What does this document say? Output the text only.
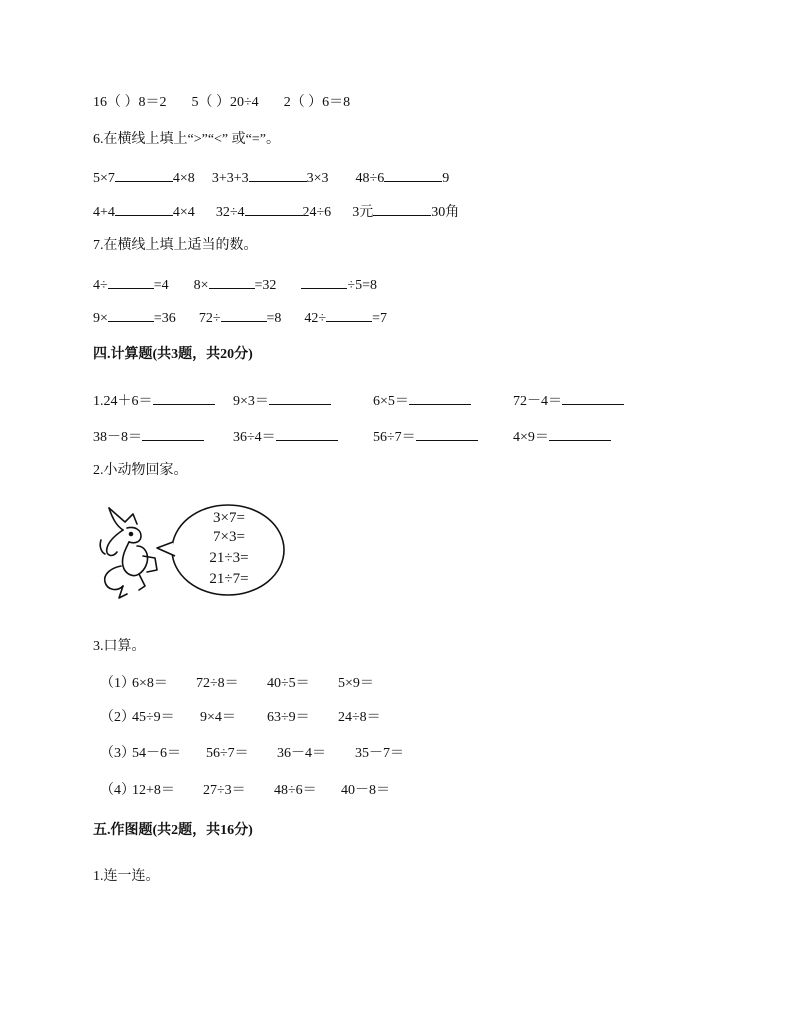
16（ ）8＝2 5（ ）20÷4 2（ ）6＝8
6.在横线上填上“>”“<” 或“=”。
5×7	4×8 3+3+3	3×3 48÷6	9
4+4	4×4 32÷4	24÷6 3元	30角
7.在横线上填上适当的数。
4÷	=4 8×	=32	÷5=8
9×	=36 72÷	=8 42÷	=7
四.计算题(共3题，共20分)
1.24＋6＝	9×3＝	6×5＝	72－4＝
38－8＝	36÷4＝	56÷7＝	4×9＝
2.小动物回家。
3×7=
7×3=
21÷3=
21÷7=
3.口算。
（1）
6×8＝ 72÷8＝ 40÷5＝ 5×9＝
（2）
45÷9＝ 9×4＝ 63÷9＝ 24÷8＝
（3）
54－6＝ 56÷7＝ 36－4＝ 35－7＝
（4）
12+8＝ 27÷3＝ 48÷6＝ 40－8＝
五.作图题(共2题，共16分)
1.连一连。
